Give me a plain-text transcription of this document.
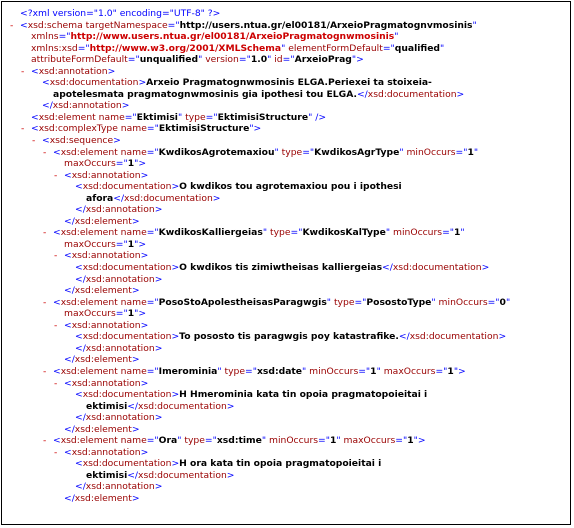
<?xml version="1.0" encoding="UTF-8" ?>
- <xsd:schema targetNamespace="http://users.ntua.gr/el00181/ArxeioPragmatognvmosinis"
xmlns="http://www.users.ntua.gr/el00181/ArxeioPragmatognwmosinis"
xmlns:xsd="http://www.w3.org/2001/XMLSchema" elementFormDefault="qualified"
attributeFormDefault="unqualified" version="1.0" id="ArxeioPrag">
- <xsd:annotation>
<xsd:documentation>Arxeio Pragmatognwmosinis ELGA.Periexei ta stoixeia-
apotelesmata pragmatognwmosinis gia ipothesi tou ELGA.</xsd:documentation>
</xsd:annotation>
<xsd:element name="Ektimisi" type="EktimisiStructure" />
- <xsd:complexType name="EktimisiStructure">
- <xsd:sequence>
- <xsd:element name="KwdikosAgrotemaxiou" type="KwdikosAgrType" minOccurs="1"
maxOccurs="1">
- <xsd:annotation>
<xsd:documentation>O kwdikos tou agrotemaxiou pou i ipothesi
afora</xsd:documentation>
</xsd:annotation>
</xsd:element>
- <xsd:element name="KwdikosKalliergeias" type="KwdikosKalType" minOccurs="1"
maxOccurs="1">
- <xsd:annotation>
<xsd:documentation>O kwdikos tis zimiwtheisas kalliergeias</xsd:documentation>
</xsd:annotation>
</xsd:element>
- <xsd:element name="PosoStoApolestheisasParagwgis" type="PosostoType" minOccurs="0"
maxOccurs="1">
- <xsd:annotation>
<xsd:documentation>To pososto tis paragwgis poy katastrafike.</xsd:documentation>
</xsd:annotation>
</xsd:element>
- <xsd:element name="Imerominia" type="xsd:date" minOccurs="1" maxOccurs="1">
- <xsd:annotation>
<xsd:documentation>H Hmerominia kata tin opoia pragmatopoieitai i
ektimisi</xsd:documentation>
</xsd:annotation>
</xsd:element>
- <xsd:element name="Ora" type="xsd:time" minOccurs="1" maxOccurs="1">
- <xsd:annotation>
<xsd:documentation>H ora kata tin opoia pragmatopoieitai i
ektimisi</xsd:documentation>
</xsd:annotation>
</xsd:element>
